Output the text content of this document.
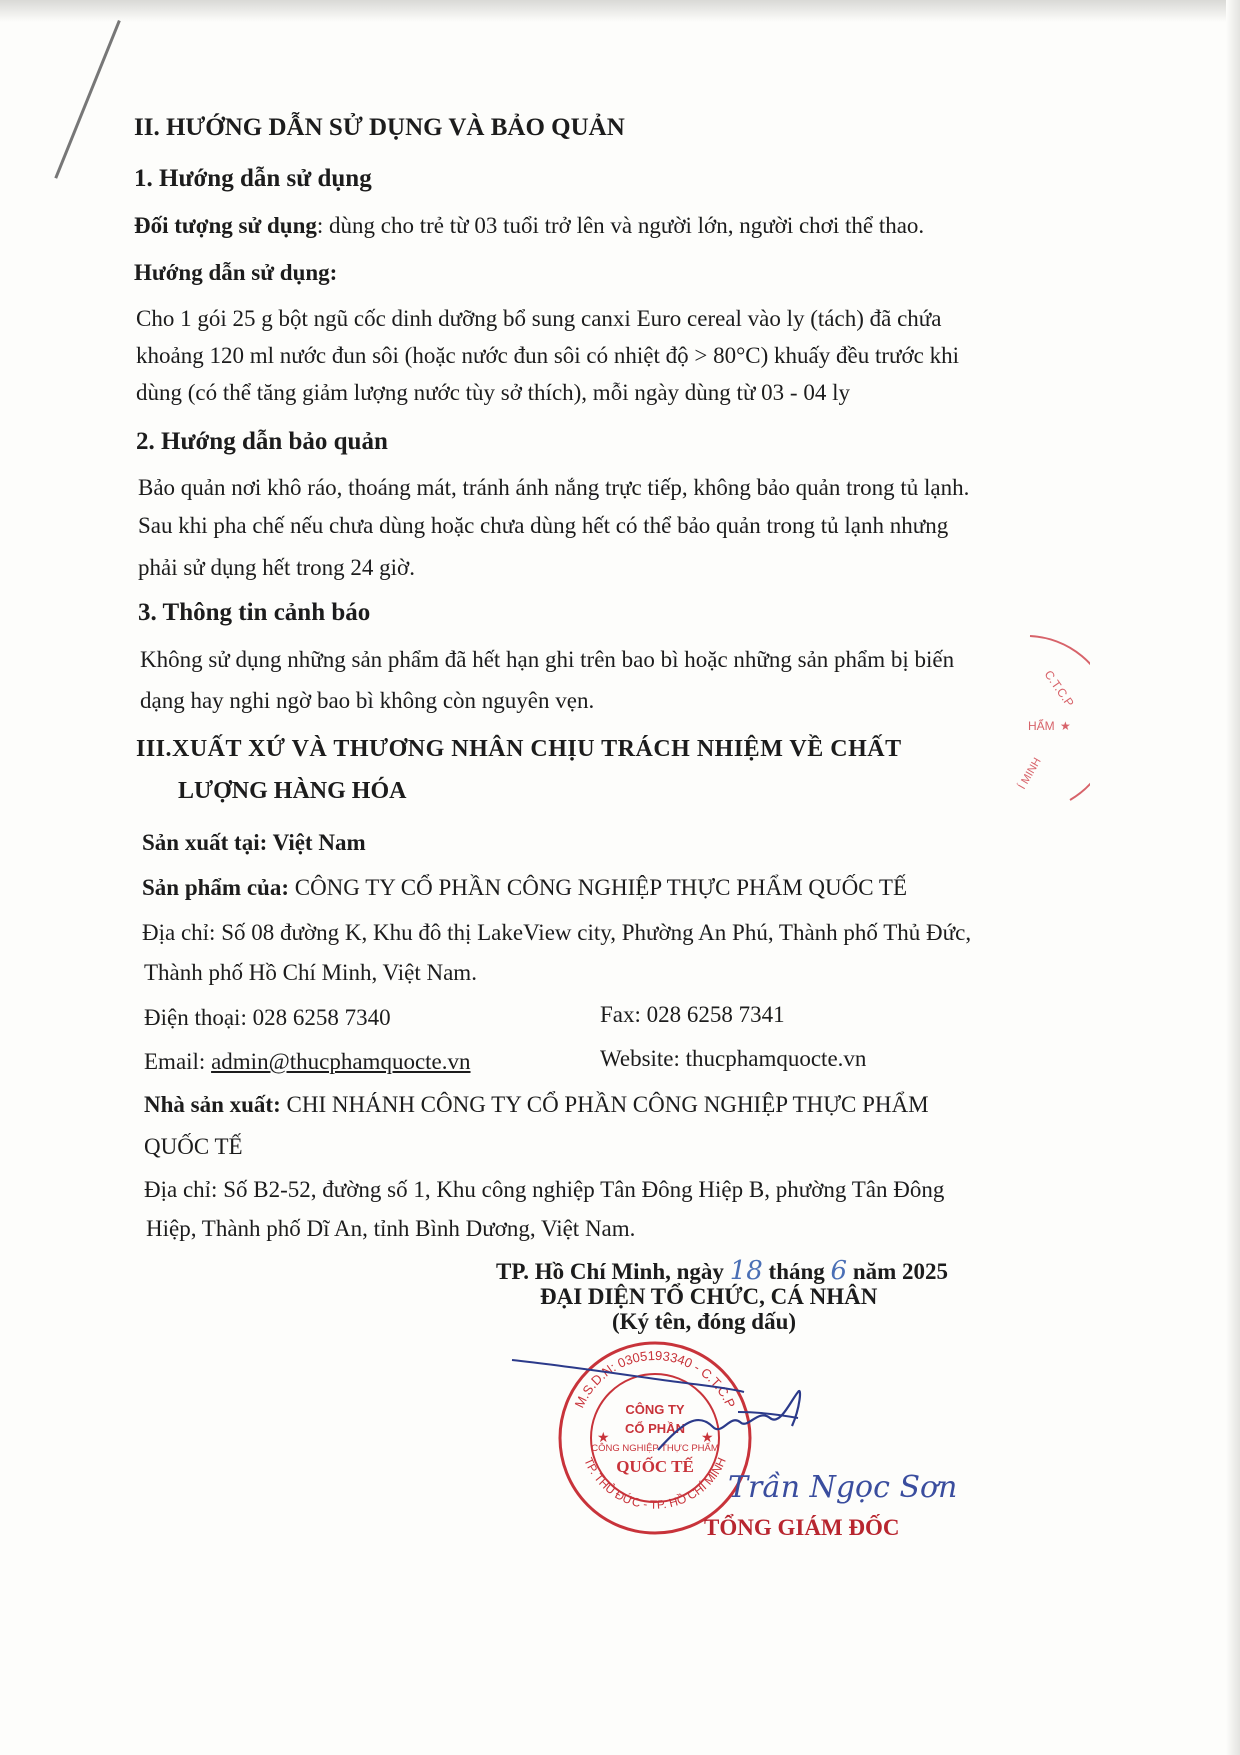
II. HƯỚNG DẪN SỬ DỤNG VÀ BẢO QUẢN
1. Hướng dẫn sử dụng
Đối tượng sử dụng: dùng cho trẻ từ 03 tuổi trở lên và người lớn, người chơi thể thao.
Hướng dẫn sử dụng:
Cho 1 gói 25 g bột ngũ cốc dinh dưỡng bổ sung canxi Euro cereal vào ly (tách) đã chứa
khoảng 120 ml nước đun sôi (hoặc nước đun sôi có nhiệt độ > 80°C) khuấy đều trước khi
dùng (có thể tăng giảm lượng nước tùy sở thích), mỗi ngày dùng từ 03 - 04 ly
2. Hướng dẫn bảo quản
Bảo quản nơi khô ráo, thoáng mát, tránh ánh nắng trực tiếp, không bảo quản trong tủ lạnh.
Sau khi pha chế nếu chưa dùng hoặc chưa dùng hết có thể bảo quản trong tủ lạnh nhưng
phải sử dụng hết trong 24 giờ.
3. Thông tin cảnh báo
Không sử dụng những sản phẩm đã hết hạn ghi trên bao bì hoặc những sản phẩm bị biến
dạng hay nghi ngờ bao bì không còn nguyên vẹn.
III.XUẤT XỨ VÀ THƯƠNG NHÂN CHỊU TRÁCH NHIỆM VỀ CHẤT
LƯỢNG HÀNG HÓA
Sản xuất tại: Việt Nam
Sản phẩm của: CÔNG TY CỔ PHẦN CÔNG NGHIỆP THỰC PHẨM QUỐC TẾ
Địa chỉ: Số 08 đường K, Khu đô thị LakeView city, Phường An Phú, Thành phố Thủ Đức,
Thành phố Hồ Chí Minh, Việt Nam.
Điện thoại: 028 6258 7340	Fax: 028 6258 7341
Email: admin@thucphamquocte.vn	Website: thucphamquocte.vn
Nhà sản xuất: CHI NHÁNH CÔNG TY CỔ PHẦN CÔNG NGHIỆP THỰC PHẨM
QUỐC TẾ
Địa chỉ: Số B2-52, đường số 1, Khu công nghiệp Tân Đông Hiệp B, phường Tân Đông
Hiệp, Thành phố Dĩ An, tỉnh Bình Dương, Việt Nam.
TP. Hồ Chí Minh, ngày 18 tháng 6 năm 2025
ĐẠI DIỆN TỔ CHỨC, CÁ NHÂN
(Ký tên, đóng dấu)
M.S.D.N: 0305193340 - C.T.C.P
TP. THỦ ĐỨC - TP. HỒ CHÍ MINH
CÔNG TY
CỔ PHẦN
CÔNG NGHIỆP THỰC PHẨM
QUỐC TẾ
★	★
Trần Ngọc Sơn
TỔNG GIÁM ĐỐC
C.T.C.P
HẨM
Í MINH
★
